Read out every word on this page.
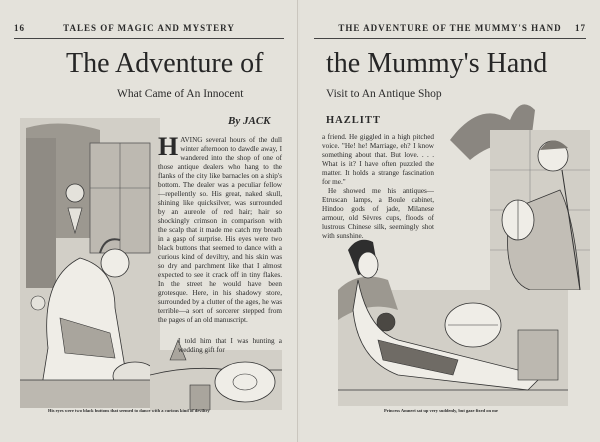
16	TALES OF MAGIC AND MYSTERY
The Adventure of
What Came of An Innocent
By JACK
HAVING several hours of the dull winter afternoon to dawdle away, I wandered into the shop of one of those antique dealers who hang to the flanks of the city like barnacles on a ship's bottom. The dealer was a peculiar fellow—repellently so. His great, naked skull, shining like quicksilver, was surrounded by an aureole of red hair; hair so shockingly crimson in comparison with the scalp that it made me catch my breath in a gasp of surprise. His eyes were two black buttons that seemed to dance with a curious kind of deviltry, and his skin was so dry and parchment like that I almost expected to see it crack off in tiny flakes. In the street he would have been grotesque. Here, in his shadowy store, surrounded by a clutter of the ages, he was terrible—a sort of sorcerer stepped from the pages of an old manuscript.
I told him that I was hunting a wedding gift for
His eyes were two black buttons that seemed to dance with a curious kind of deviltry
THE ADVENTURE OF THE MUMMY'S HAND	17
the Mummy's Hand
Visit to An Antique Shop
HAZLITT
a friend. He giggled in a high pitched voice. "He! he! Marriage, eh? I know something about that. But love. . . . What is it? I have often puzzled the matter. It holds a strange fascination for me."
He showed me his antiques—Etruscan lamps, a Boule cabinet, Hindoo gods of jade, Milanese armour, old Sèvres cups, floods of lustrous Chinese silk, seemingly shot with sunshine.
Princess Amneri sat up very suddenly, but gaze fixed on me
